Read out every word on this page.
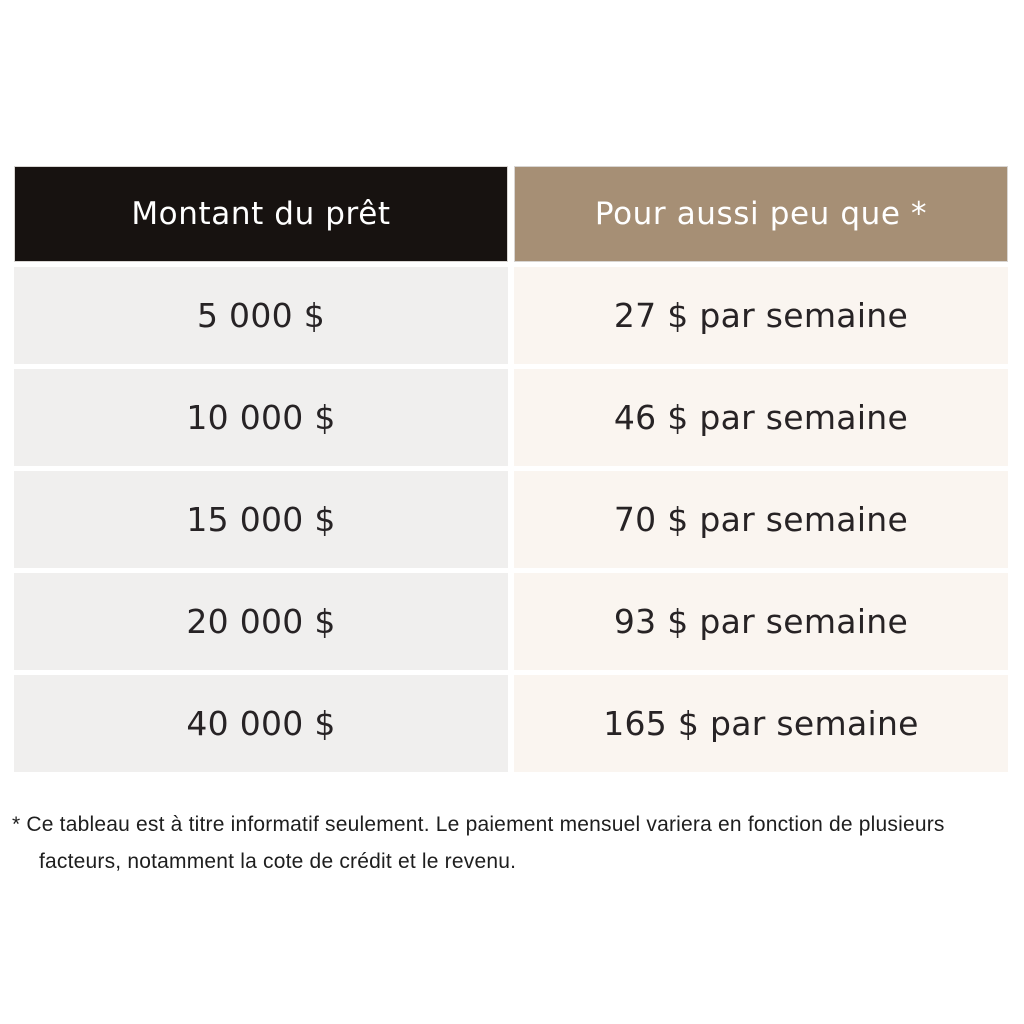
Montant du prêt	Pour aussi peu que *
5 000 $	27 $ par semaine
10 000 $	46 $ par semaine
15 000 $	70 $ par semaine
20 000 $	93 $ par semaine
40 000 $	165 $ par semaine
* Ce tableau est à titre informatif seulement. Le paiement mensuel variera en fonction de plusieurs
facteurs, notamment la cote de crédit et le revenu.
